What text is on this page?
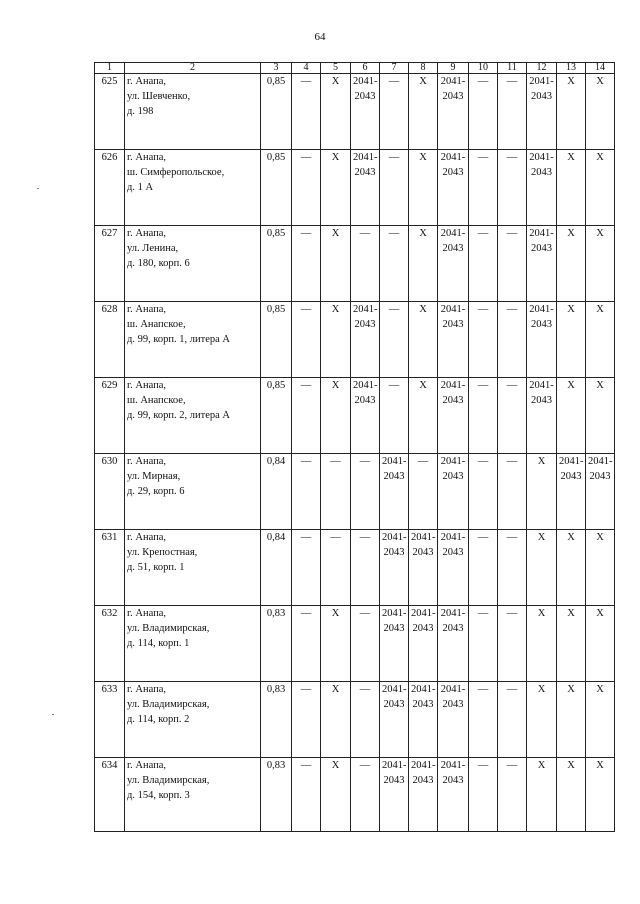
64
1	2	3	4	5	6	7	8	9	10	11	12	13	14
625	г. Анапа,
ул. Шевченко,
д. 198	0,85	—	Х	2041-
2043	—	Х	2041-
2043	—	—	2041-
2043	Х	Х

626	г. Анапа,
ш. Симферопольское,
д. 1 А	0,85	—	Х	2041-
2043	—	Х	2041-
2043	—	—	2041-
2043	Х	Х

627	г. Анапа,
ул. Ленина,
д. 180, корп. 6	0,85	—	Х	—	—	Х	2041-
2043	—	—	2041-
2043	Х	Х

628	г. Анапа,
ш. Анапское,
д. 99, корп. 1, литера А	0,85	—	Х	2041-
2043	—	Х	2041-
2043	—	—	2041-
2043	Х	Х

629	г. Анапа,
ш. Анапское,
д. 99, корп. 2, литера А	0,85	—	Х	2041-
2043	—	Х	2041-
2043	—	—	2041-
2043	Х	Х

630	г. Анапа,
ул. Мирная,
д. 29, корп. 6	0,84	—	—	—	2041-
2043	—	2041-
2043	—	—	Х	2041-
2043	2041-
2043

631	г. Анапа,
ул. Крепостная,
д. 51, корп. 1	0,84	—	—	—	2041-
2043	2041-
2043	2041-
2043	—	—	Х	Х	Х

632	г. Анапа,
ул. Владимирская,
д. 114, корп. 1	0,83	—	Х	—	2041-
2043	2041-
2043	2041-
2043	—	—	Х	Х	Х

633	г. Анапа,
ул. Владимирская,
д. 114, корп. 2	0,83	—	Х	—	2041-
2043	2041-
2043	2041-
2043	—	—	Х	Х	Х

634	г. Анапа,
ул. Владимирская,
д. 154, корп. 3	0,83	—	Х	—	2041-
2043	2041-
2043	2041-
2043	—	—	Х	Х	Х
